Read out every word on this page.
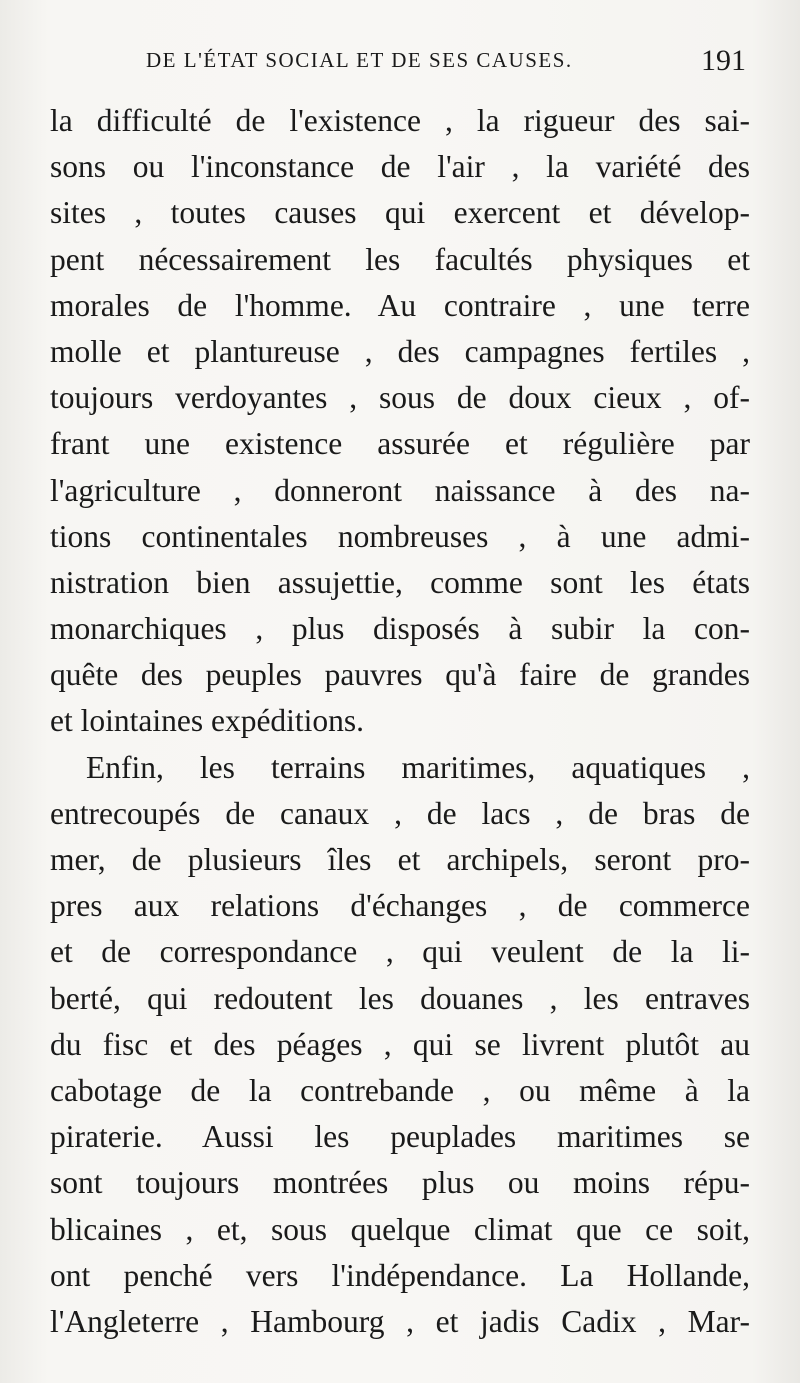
DE L'ÉTAT SOCIAL ET DE SES CAUSES.	191
la difficulté de l'existence , la rigueur des sai-
sons ou l'inconstance de l'air , la variété des
sites , toutes causes qui exercent et dévelop-
pent nécessairement les facultés physiques et
morales de l'homme. Au contraire , une terre
molle et plantureuse , des campagnes fertiles ,
toujours verdoyantes , sous de doux cieux , of-
frant une existence assurée et régulière par
l'agriculture , donneront naissance à des na-
tions continentales nombreuses , à une admi-
nistration bien assujettie, comme sont les états
monarchiques , plus disposés à subir la con-
quête des peuples pauvres qu'à faire de grandes
et lointaines expéditions.
Enfin, les terrains maritimes, aquatiques ,
entrecoupés de canaux , de lacs , de bras de
mer, de plusieurs îles et archipels, seront pro-
pres aux relations d'échanges , de commerce
et de correspondance , qui veulent de la li-
berté, qui redoutent les douanes , les entraves
du fisc et des péages , qui se livrent plutôt au
cabotage de la contrebande , ou même à la
piraterie. Aussi les peuplades maritimes se
sont toujours montrées plus ou moins répu-
blicaines , et, sous quelque climat que ce soit,
ont penché vers l'indépendance. La Hollande,
l'Angleterre , Hambourg , et jadis Cadix , Mar-
